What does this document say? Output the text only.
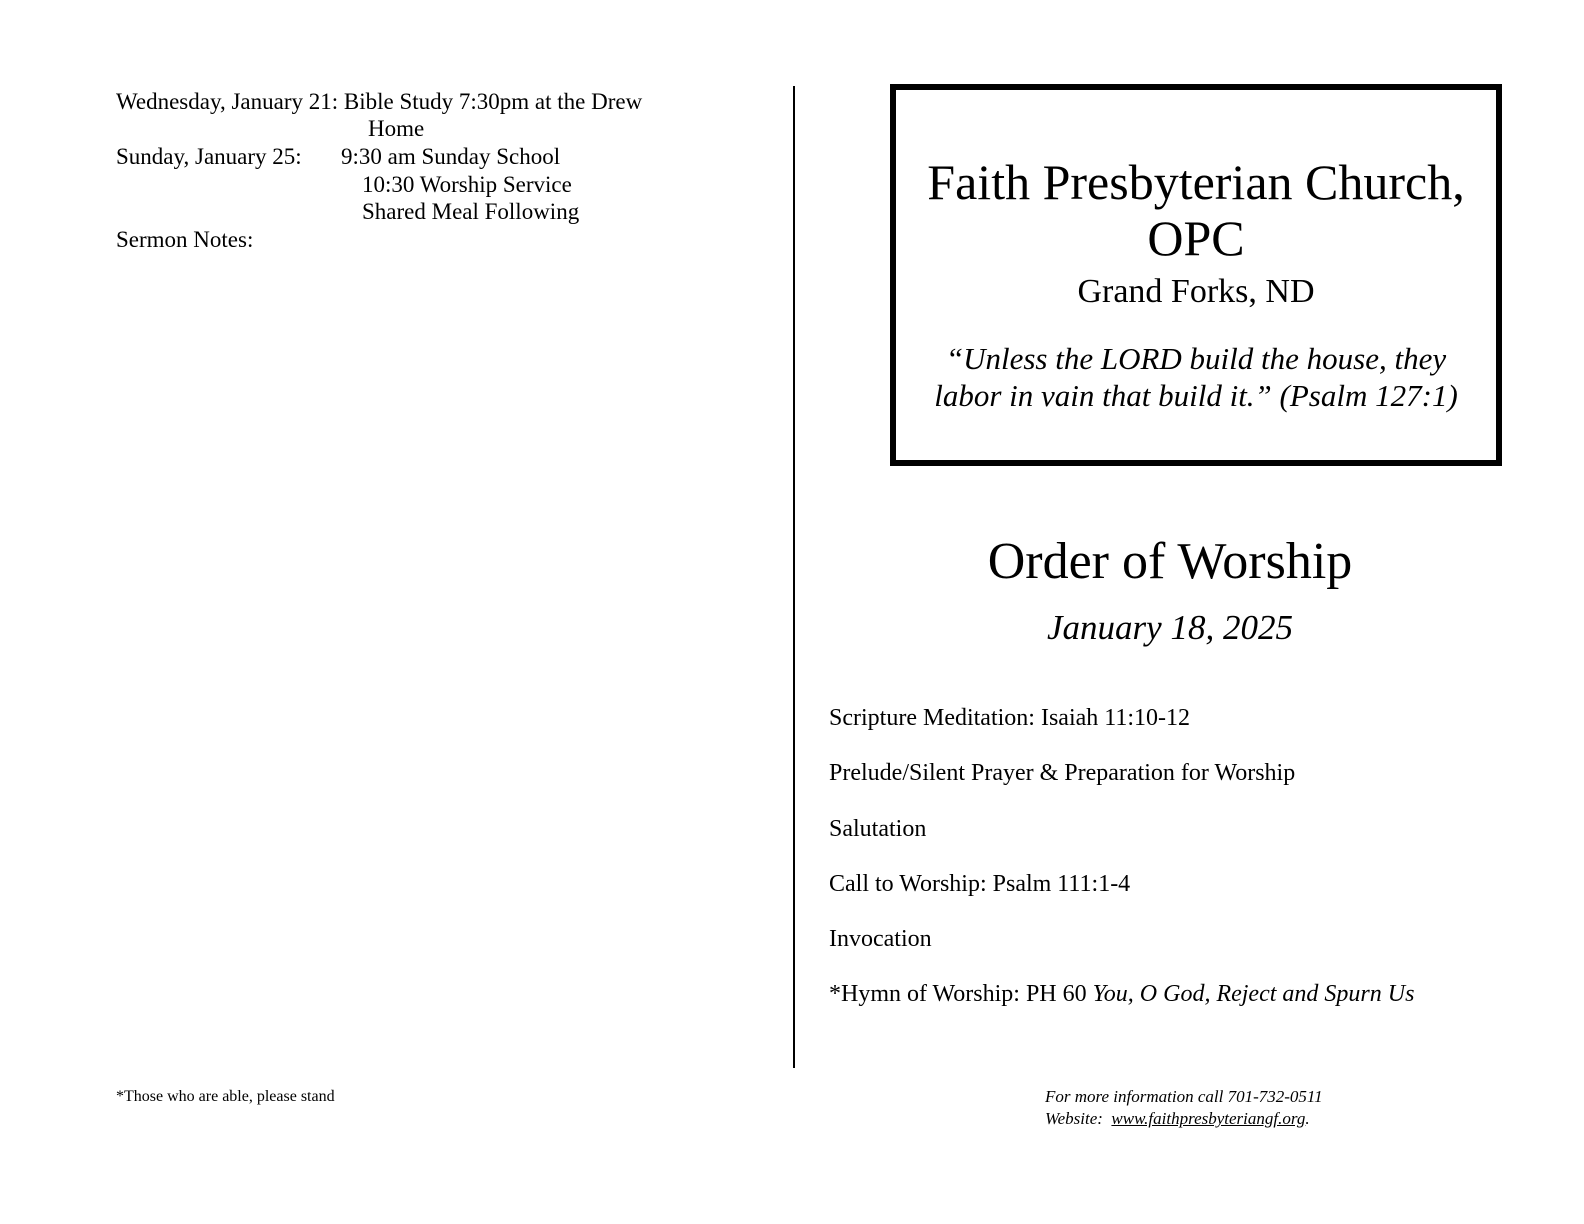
Wednesday, January 21: Bible Study 7:30pm at the Drew
Home
Sunday, January 25: 9:30 am Sunday School
10:30 Worship Service
Shared Meal Following
Sermon Notes:
*Those who are able, please stand
Faith Presbyterian Church,
OPC
Grand Forks, ND
“Unless the LORD build the house, they
labor in vain that build it.” (Psalm 127:1)
Order of Worship
January 18, 2025
Scripture Meditation: Isaiah 11:10-12
Prelude/Silent Prayer & Preparation for Worship
Salutation
Call to Worship: Psalm 111:1-4
Invocation
*Hymn of Worship: PH 60 You, O God, Reject and Spurn Us
For more information call 701-732-0511
Website:  www.faithpresbyteriangf.org.
